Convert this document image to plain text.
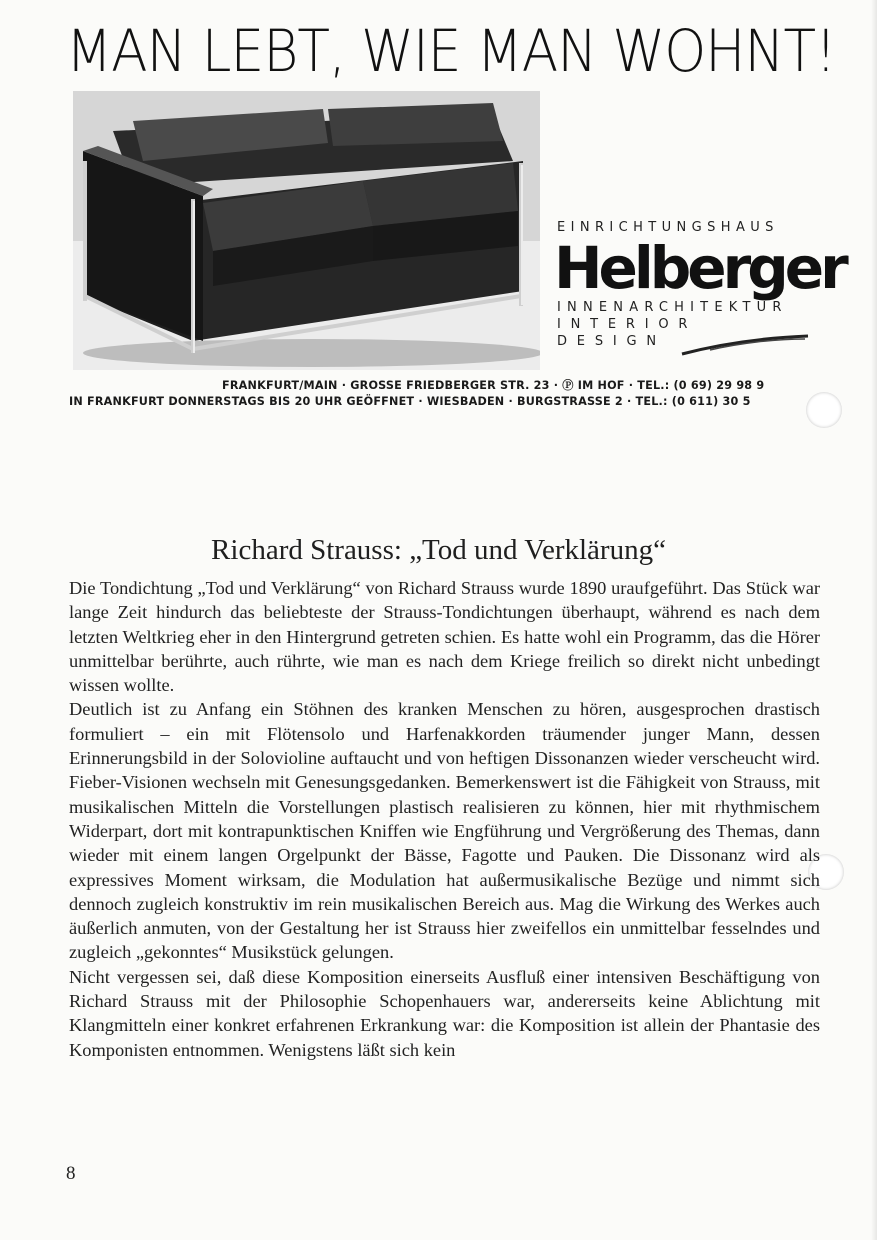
MAN LEBT, WIE MAN WOHNT!
EINRICHTUNGSHAUS
Helberger
INNENARCHITEKTUR
INTERIOR DESIGN
FRANKFURT/MAIN · GROSSE FRIEDBERGER STR. 23 · Ⓟ IM HOF · TEL.: (0 69) 29 98 9
IN FRANKFURT DONNERSTAGS BIS 20 UHR GEÖFFNET · WIESBADEN · BURGSTRASSE 2 · TEL.: (0 611) 30 5
Richard Strauss: „Tod und Verklärung“

Die Tondichtung „Tod und Verklärung“ von Richard Strauss wurde 1890 uraufgeführt. Das Stück war lange Zeit hindurch das beliebteste der Strauss-Tondichtungen überhaupt, während es nach dem letzten Weltkrieg eher in den Hintergrund getreten schien. Es hatte wohl ein Programm, das die Hörer unmittelbar berührte, auch rührte, wie man es nach dem Kriege freilich so direkt nicht unbedingt wissen wollte.

Deutlich ist zu Anfang ein Stöhnen des kranken Menschen zu hören, ausgesprochen drastisch formuliert – ein mit Flötensolo und Harfenakkorden träumender junger Mann, dessen Erinnerungsbild in der Solovioline auftaucht und von heftigen Dissonanzen wieder verscheucht wird. Fieber-Visionen wechseln mit Genesungsgedanken. Bemerkenswert ist die Fähigkeit von Strauss, mit musikalischen Mitteln die Vorstellungen plastisch realisieren zu können, hier mit rhythmischem Widerpart, dort mit kontrapunktischen Kniffen wie Engführung und Vergrößerung des Themas, dann wieder mit einem langen Orgelpunkt der Bässe, Fagotte und Pauken. Die Dissonanz wird als expressives Moment wirksam, die Modulation hat außermusikalische Bezüge und nimmt sich dennoch zugleich konstruktiv im rein musikalischen Bereich aus. Mag die Wirkung des Werkes auch äußerlich anmuten, von der Gestaltung her ist Strauss hier zweifellos ein unmittelbar fesselndes und zugleich „gekonntes“ Musikstück gelungen.

Nicht vergessen sei, daß diese Komposition einerseits Ausfluß einer intensiven Beschäftigung von Richard Strauss mit der Philosophie Schopenhauers war, andererseits keine Ablichtung mit Klangmitteln einer konkret erfahrenen Erkrankung war: die Komposition ist allein der Phantasie des Komponisten entnommen. Wenigstens läßt sich kein

8
